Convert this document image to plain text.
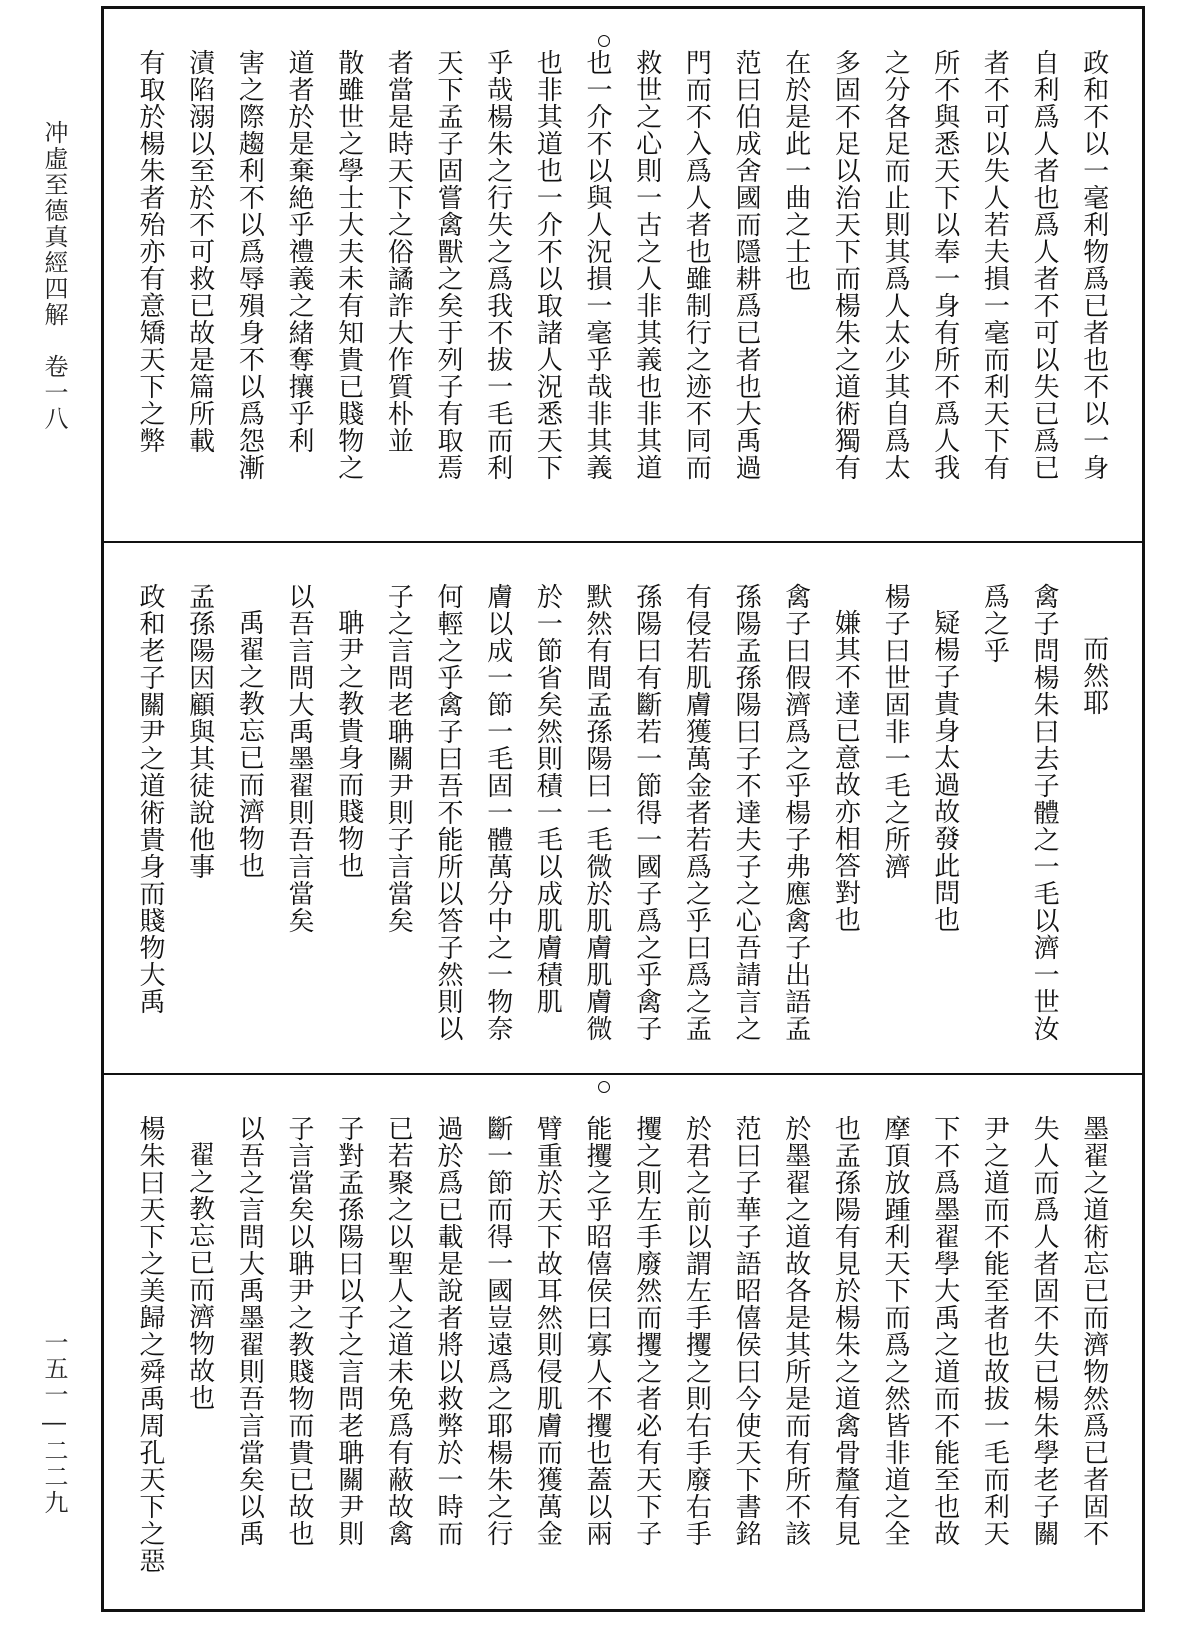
冲虛至德真經四解　卷一八
一五一―二二九
政和不以一毫利物爲已者也不以一身
自利爲人者也爲人者不可以失已爲已
者不可以失人若夫損一毫而利天下有
所不與悉天下以奉一身有所不爲人我
之分各足而止則其爲人太少其自爲太
多固不足以治天下而楊朱之道術獨有
在於是此一曲之士也
范曰伯成舍國而隱耕爲已者也大禹過
門而不入爲人者也雖制行之迹不同而
救世之心則一古之人非其義也非其道
也一介不以與人況損一毫乎哉非其義
也非其道也一介不以取諸人況悉天下
乎哉楊朱之行失之爲我不拔一毛而利
天下孟子固嘗禽獸之矣于列子有取焉
者當是時天下之俗譎詐大作質朴並
散雖世之學士大夫未有知貴已賤物之
道者於是棄絶乎禮義之緒奪攘乎利
害之際趨利不以爲辱殞身不以爲怨漸
漬陷溺以至於不可救已故是篇所載
有取於楊朱者殆亦有意矯天下之弊
而然耶
禽子問楊朱曰去子體之一毛以濟一世汝
爲之乎
疑楊子貴身太過故發此問也
楊子曰世固非一毛之所濟
嫌其不達已意故亦相答對也
禽子曰假濟爲之乎楊子弗應禽子出語孟
孫陽孟孫陽曰子不達夫子之心吾請言之
有侵若肌膚獲萬金者若爲之乎曰爲之孟
孫陽曰有斷若一節得一國子爲之乎禽子
默然有間孟孫陽曰一毛微於肌膚肌膚微
於一節省矣然則積一毛以成肌膚積肌
膚以成一節一毛固一體萬分中之一物奈
何輕之乎禽子曰吾不能所以答子然則以
子之言問老聃關尹則子言當矣
聃尹之教貴身而賤物也
以吾言問大禹墨翟則吾言當矣
禹翟之教忘已而濟物也
孟孫陽因顧與其徒說他事
政和老子關尹之道術貴身而賤物大禹
墨翟之道術忘已而濟物然爲已者固不
失人而爲人者固不失已楊朱學老子關
尹之道而不能至者也故拔一毛而利天
下不爲墨翟學大禹之道而不能至也故
摩頂放踵利天下而爲之然皆非道之全
也孟孫陽有見於楊朱之道禽骨釐有見
於墨翟之道故各是其所是而有所不該
范曰子華子語昭僖侯曰今使天下書銘
於君之前以謂左手攫之則右手廢右手
攫之則左手廢然而攫之者必有天下子
能攫之乎昭僖侯曰寡人不攫也蓋以兩
臂重於天下故耳然則侵肌膚而獲萬金
斷一節而得一國豈遠爲之耶楊朱之行
過於爲已載是說者將以救弊於一時而
已若聚之以聖人之道未免爲有蔽故禽
子對孟孫陽曰以子之言問老聃關尹則
子言當矣以聃尹之教賤物而貴已故也
以吾之言問大禹墨翟則吾言當矣以禹
翟之教忘已而濟物故也
楊朱曰天下之美歸之舜禹周孔天下之惡
